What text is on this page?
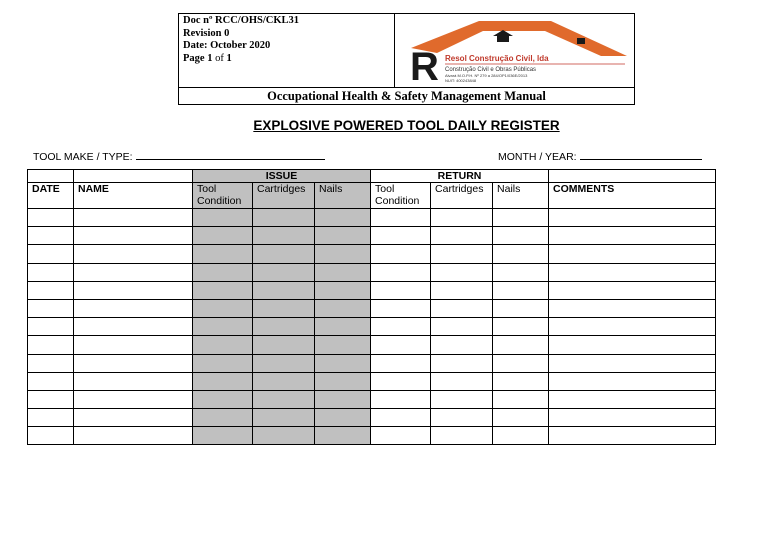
Doc nº RCC/OHS/CKL31
Revision 0
Date: October 2020
Page 1 of 1	R Resol Construção Civil, lda
Construção Civil e Obras Públicas
Alvará M.O.P.H. Nº 279 a 284/OP1/036E/2013
NUIT: 400243848
Occupational Health & Safety Management Manual
EXPLOSIVE POWERED TOOL DAILY REGISTER
TOOL MAKE / TYPE:	MONTH / YEAR:
		ISSUE			RETURN			
DATE	NAME	Tool Condition	Cartridges	Nails	Tool Condition	Cartridges	Nails	COMMENTS
